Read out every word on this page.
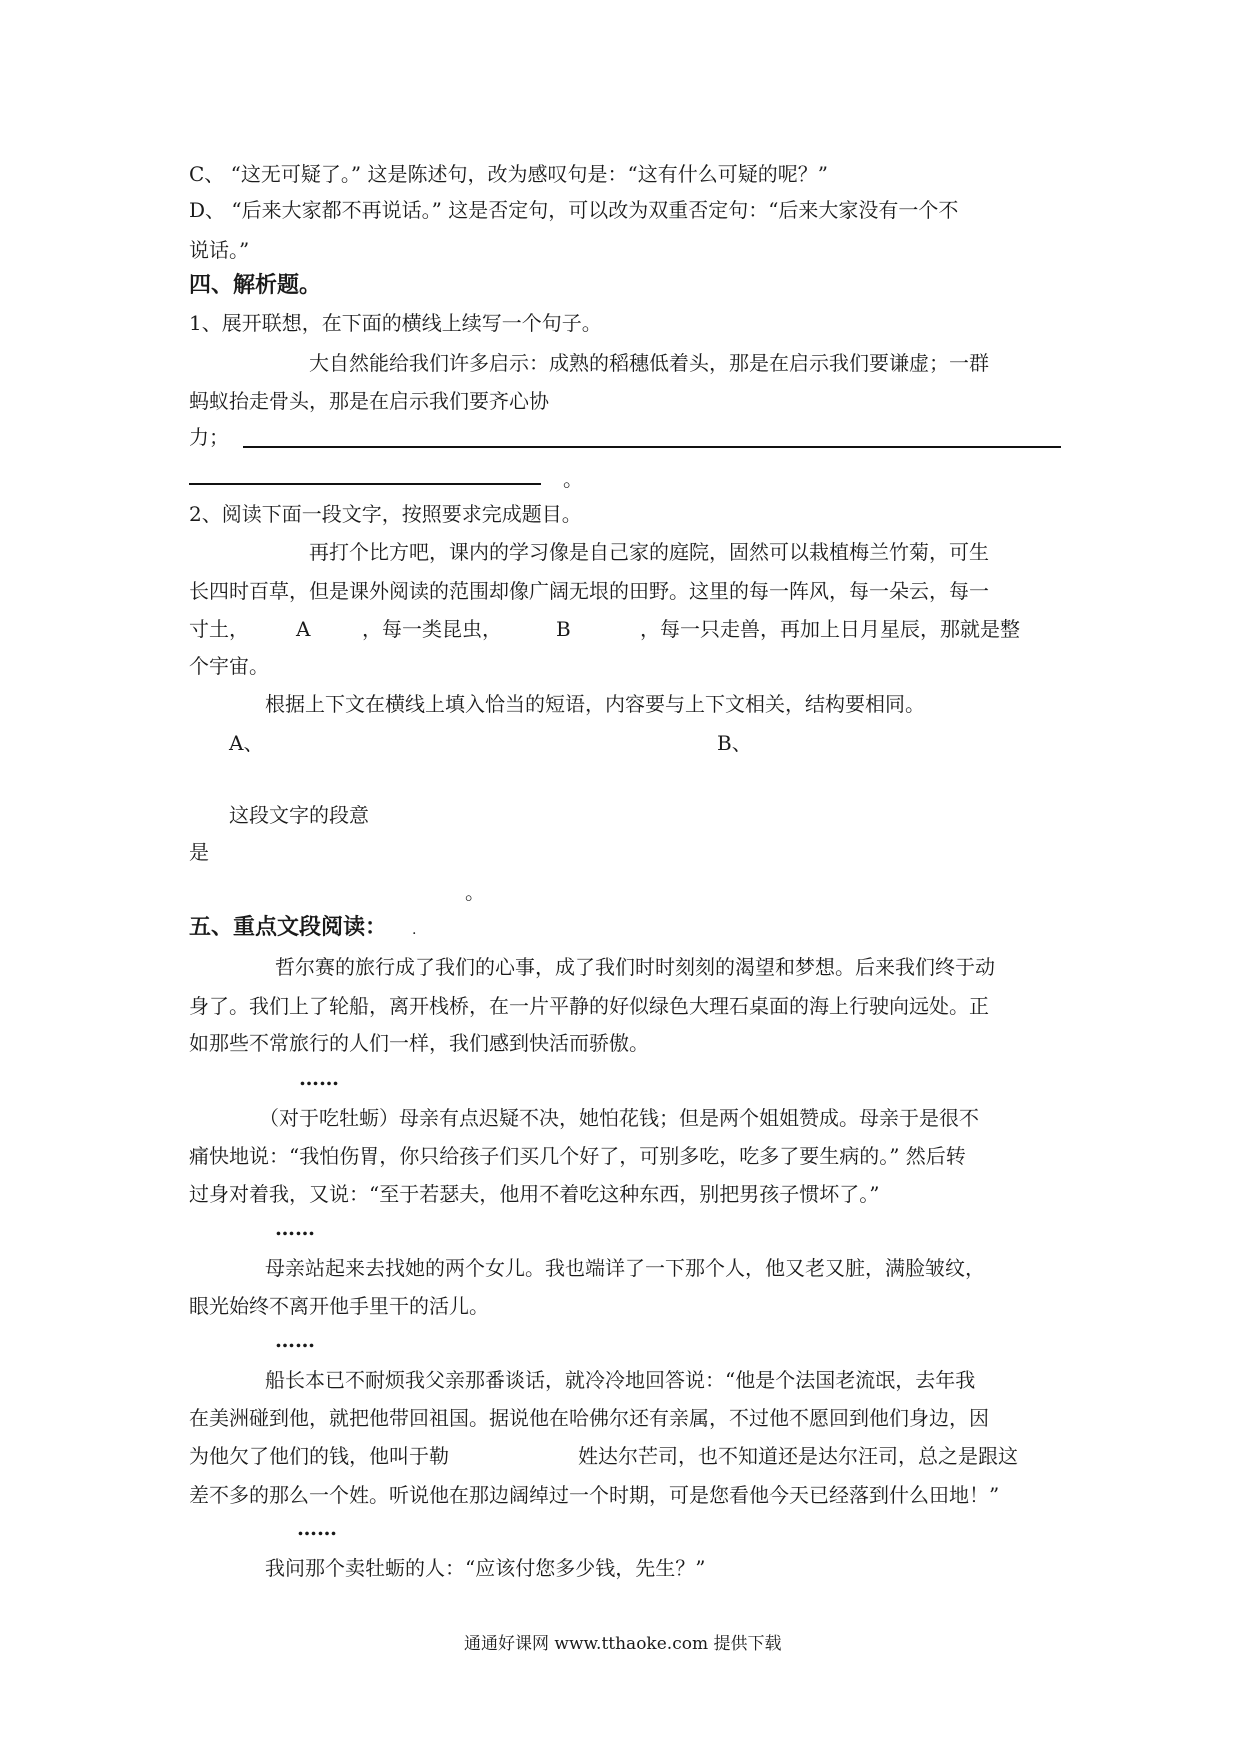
C、 “这无可疑了。” 这是陈述句，改为感叹句是：“这有什么可疑的呢？”
D、 “后来大家都不再说话。” 这是否定句，可以改为双重否定句：“后来大家没有一个不
说话。”
四、解析题。
1、展开联想，在下面的横线上续写一个句子。
大自然能给我们许多启示：成熟的稻穗低着头，那是在启示我们要谦虚；一群
蚂蚁抬走骨头，那是在启示我们要齐心协
力；
。
2、阅读下面一段文字，按照要求完成题目。
再打个比方吧，课内的学习像是自己家的庭院，固然可以栽植梅兰竹菊，可生
长四时百草，但是课外阅读的范围却像广阔无垠的田野。这里的每一阵风，每一朵云，每一
寸土， A	，每一类昆虫，	B	，每一只走兽，再加上日月星辰，那就是整
个宇宙。
根据上下文在横线上填入恰当的短语，内容要与上下文相关，结构要相同。
A、	B、
这段文字的段意
是
。
五、重点文段阅读： .
哲尔赛的旅行成了我们的心事，成了我们时时刻刻的渴望和梦想。后来我们终于动
身了。我们上了轮船，离开栈桥，在一片平静的好似绿色大理石桌面的海上行驶向远处。正
如那些不常旅行的人们一样，我们感到快活而骄傲。
……
（对于吃牡蛎）母亲有点迟疑不决，她怕花钱；但是两个姐姐赞成。母亲于是很不
痛快地说：“我怕伤胃，你只给孩子们买几个好了，可别多吃，吃多了要生病的。” 然后转
过身对着我，又说：“至于若瑟夫，他用不着吃这种东西，别把男孩子惯坏了。”
……
母亲站起来去找她的两个女儿。我也端详了一下那个人，他又老又脏，满脸皱纹，
眼光始终不离开他手里干的活儿。
……
船长本已不耐烦我父亲那番谈话，就冷冷地回答说：“他是个法国老流氓，去年我
在美洲碰到他，就把他带回祖国。据说他在哈佛尔还有亲属，不过他不愿回到他们身边，因
为他欠了他们的钱，他叫于勒	姓达尔芒司，也不知道还是达尔汪司，总之是跟这
差不多的那么一个姓。听说他在那边阔绰过一个时期，可是您看他今天已经落到什么田地！”
……
我问那个卖牡蛎的人：“应该付您多少钱，先生？”
通通好课网 www.tthaoke.com 提供下载
